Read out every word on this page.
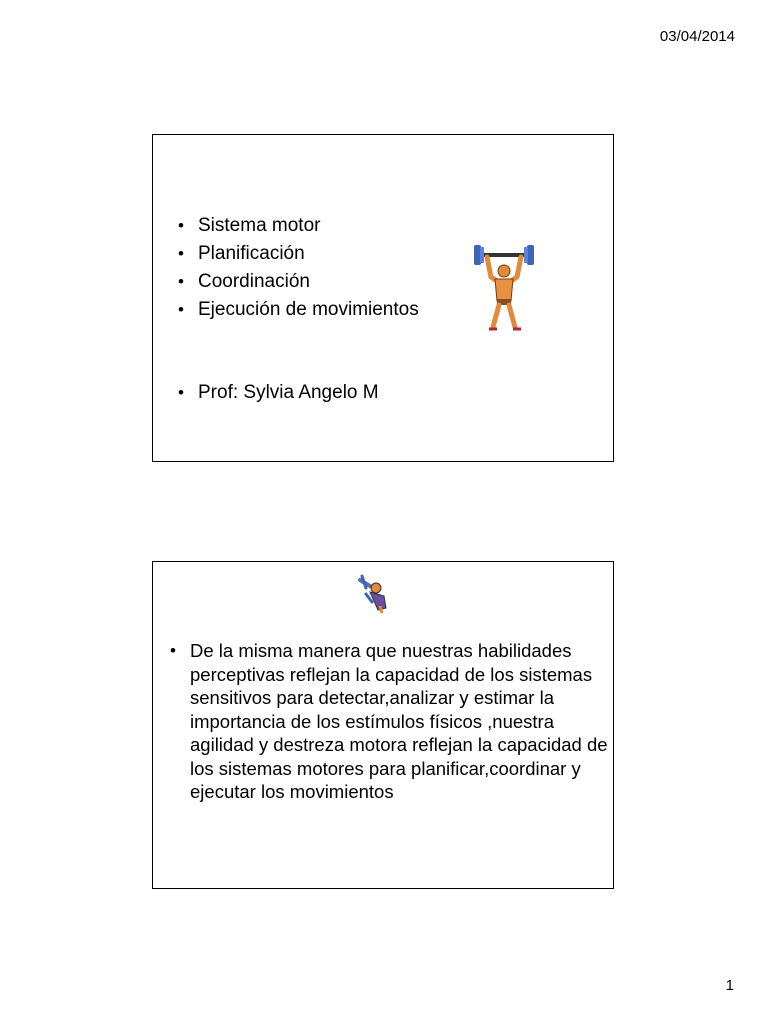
03/04/2014
• Sistema motor
• Planificación
• Coordinación
• Ejecución de movimientos
• Prof: Sylvia Angelo M
• De la misma manera que nuestras habilidades perceptivas reflejan la capacidad de los sistemas sensitivos para detectar,analizar y estimar la importancia de los estímulos físicos ,nuestra agilidad y destreza motora reflejan la capacidad de los sistemas motores para planificar,coordinar y ejecutar los movimientos
1
